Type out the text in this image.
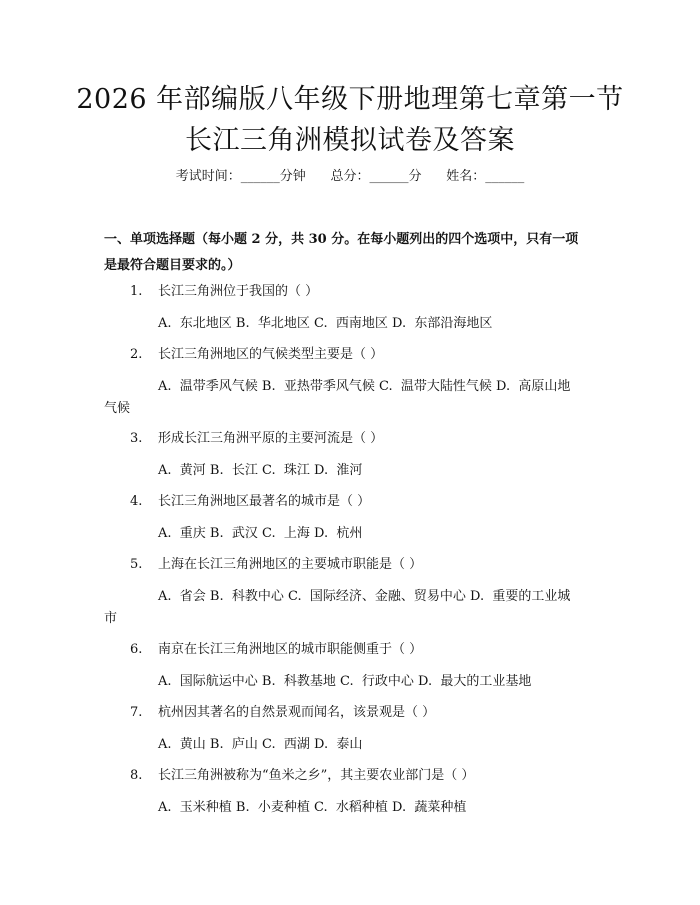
2026 年部编版八年级下册地理第七章第一节
长江三角洲模拟试卷及答案
考试时间：______分钟      总分：______分      姓名：______
一、单项选择题（每小题 2 分，共 30 分。在每小题列出的四个选项中，只有一项
是最符合题目要求的。）
1. 长江三角洲位于我国的（ ）
A.  东北地区 B.  华北地区 C.  西南地区 D.  东部沿海地区
2. 长江三角洲地区的气候类型主要是（ ）
A.  温带季风气候 B.  亚热带季风气候 C.  温带大陆性气候 D.  高原山地
气候
3. 形成长江三角洲平原的主要河流是（ ）
A.  黄河 B.  长江 C.  珠江 D.  淮河
4. 长江三角洲地区最著名的城市是（ ）
A.  重庆 B.  武汉 C.  上海 D.  杭州
5. 上海在长江三角洲地区的主要城市职能是（ ）
A.  省会 B.  科教中心 C.  国际经济、金融、贸易中心 D.  重要的工业城
市
6. 南京在长江三角洲地区的城市职能侧重于（ ）
A.  国际航运中心 B.  科教基地 C.  行政中心 D.  最大的工业基地
7. 杭州因其著名的自然景观而闻名，该景观是（ ）
A.  黄山 B.  庐山 C.  西湖 D.  泰山
8. 长江三角洲被称为“鱼米之乡”，其主要农业部门是（ ）
A.  玉米种植 B.  小麦种植 C.  水稻种植 D.  蔬菜种植
